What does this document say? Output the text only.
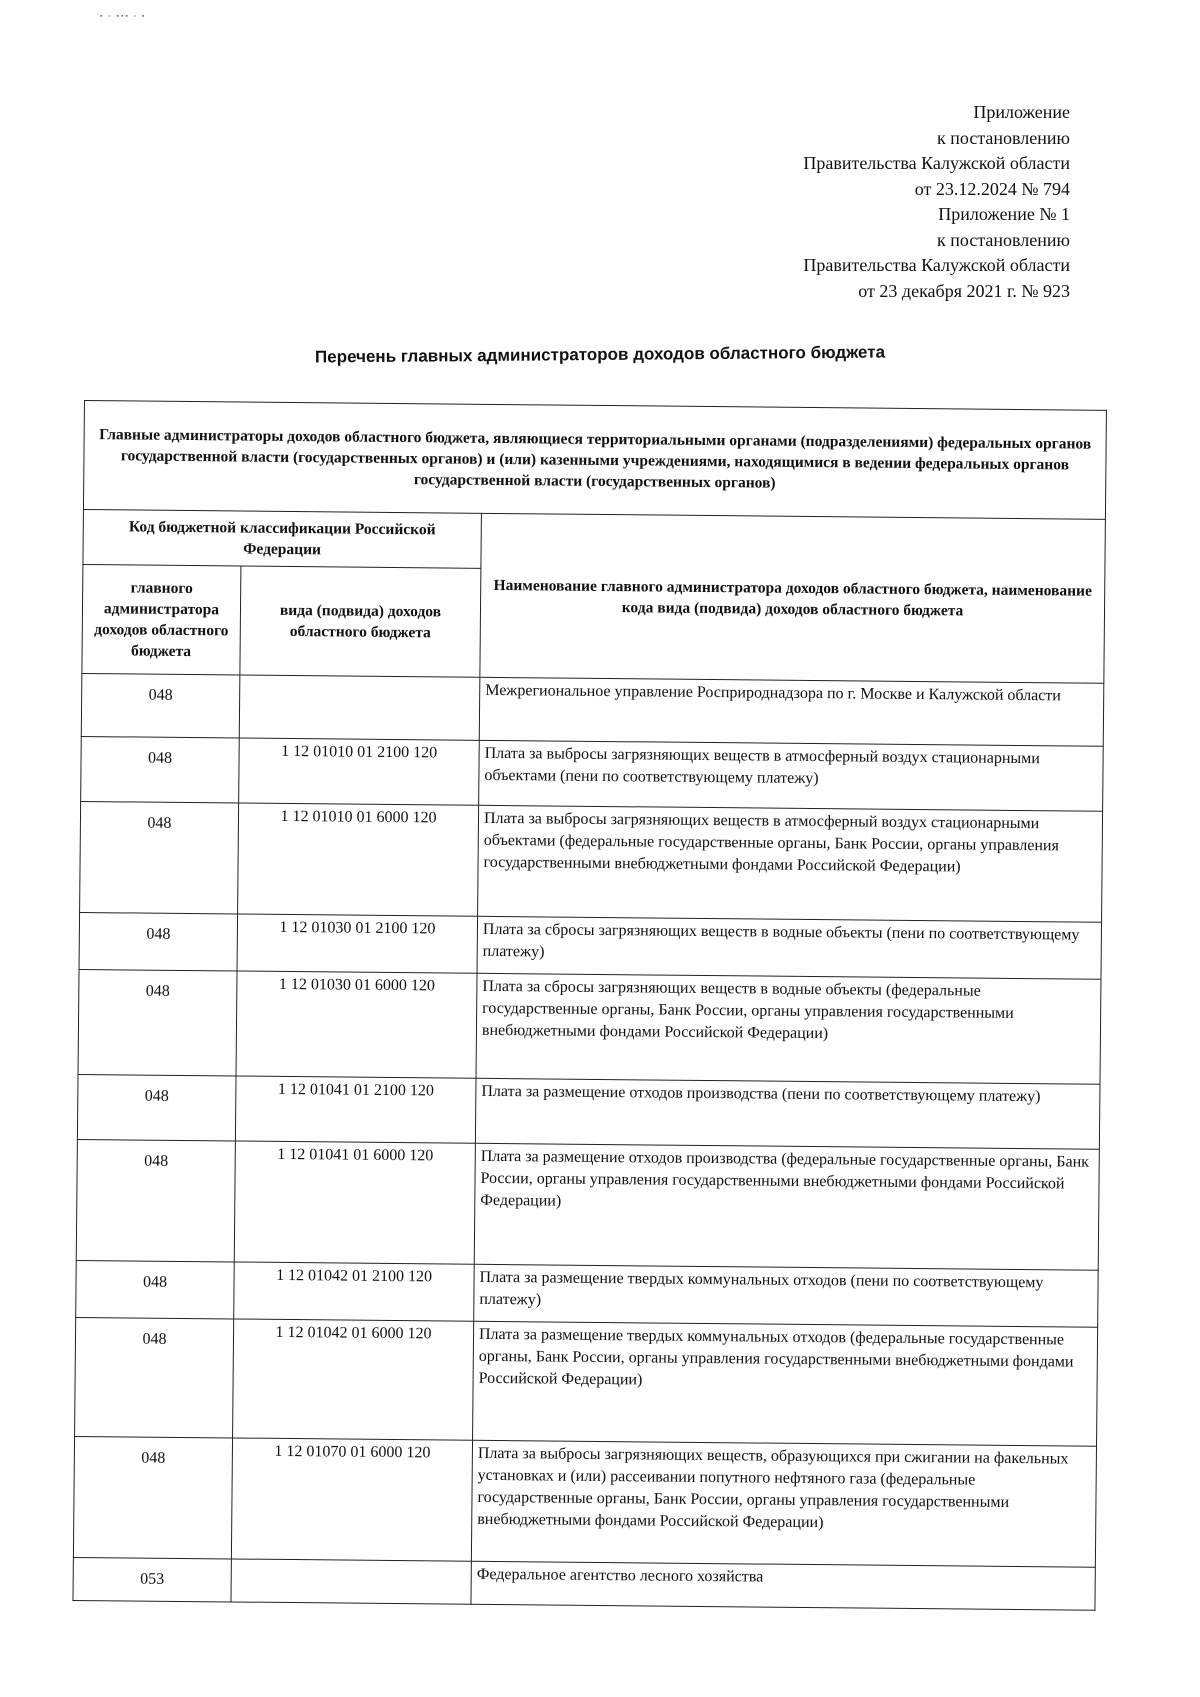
▪ ▫ ▪▪▪ ▫ ▪
Приложение
к постановлению
Правительства Калужской области
от 23.12.2024 № 794
Приложение № 1
к постановлению
Правительства Калужской области
от 23 декабря 2021 г. № 923
Перечень главных администраторов доходов областного бюджета
Главные администраторы доходов областного бюджета, являющиеся территориальными органами (подразделениями) федеральных органов государственной власти (государственных органов) и (или) казенными учреждениями, находящимися в ведении федеральных органов государственной власти (государственных органов)		
Код бюджетной классификации Российской Федерации		Наименование главного администратора доходов областного бюджета, наименование кода вида (подвида) доходов областного бюджета
главного администратора доходов областного бюджета	вида (подвида) доходов областного бюджета	
048		Межрегиональное управление Росприроднадзора по г. Москве и Калужской области
048	1 12 01010 01 2100 120	Плата за выбросы загрязняющих веществ в атмосферный воздух стационарными объектами (пени по соответствующему платежу)
048	1 12 01010 01 6000 120	Плата за выбросы загрязняющих веществ в атмосферный воздух стационарными объектами (федеральные государственные органы, Банк России, органы управления государственными внебюджетными фондами Российской Федерации)
048	1 12 01030 01 2100 120	Плата за сбросы загрязняющих веществ в водные объекты (пени по соответствующему платежу)
048	1 12 01030 01 6000 120	Плата за сбросы загрязняющих веществ в водные объекты (федеральные государственные органы, Банк России, органы управления государственными внебюджетными фондами Российской Федерации)
048	1 12 01041 01 2100 120	Плата за размещение отходов производства (пени по соответствующему платежу)
048	1 12 01041 01 6000 120	Плата за размещение отходов производства (федеральные государственные органы, Банк России, органы управления государственными внебюджетными фондами Российской Федерации)
048	1 12 01042 01 2100 120	Плата за размещение твердых коммунальных отходов (пени по соответствующему платежу)
048	1 12 01042 01 6000 120	Плата за размещение твердых коммунальных отходов (федеральные государственные органы, Банк России, органы управления государственными внебюджетными фондами Российской Федерации)
048	1 12 01070 01 6000 120	Плата за выбросы загрязняющих веществ, образующихся при сжигании на факельных установках и (или) рассеивании попутного нефтяного газа (федеральные государственные органы, Банк России, органы управления государственными внебюджетными фондами Российской Федерации)
053		Федеральное агентство лесного хозяйства
